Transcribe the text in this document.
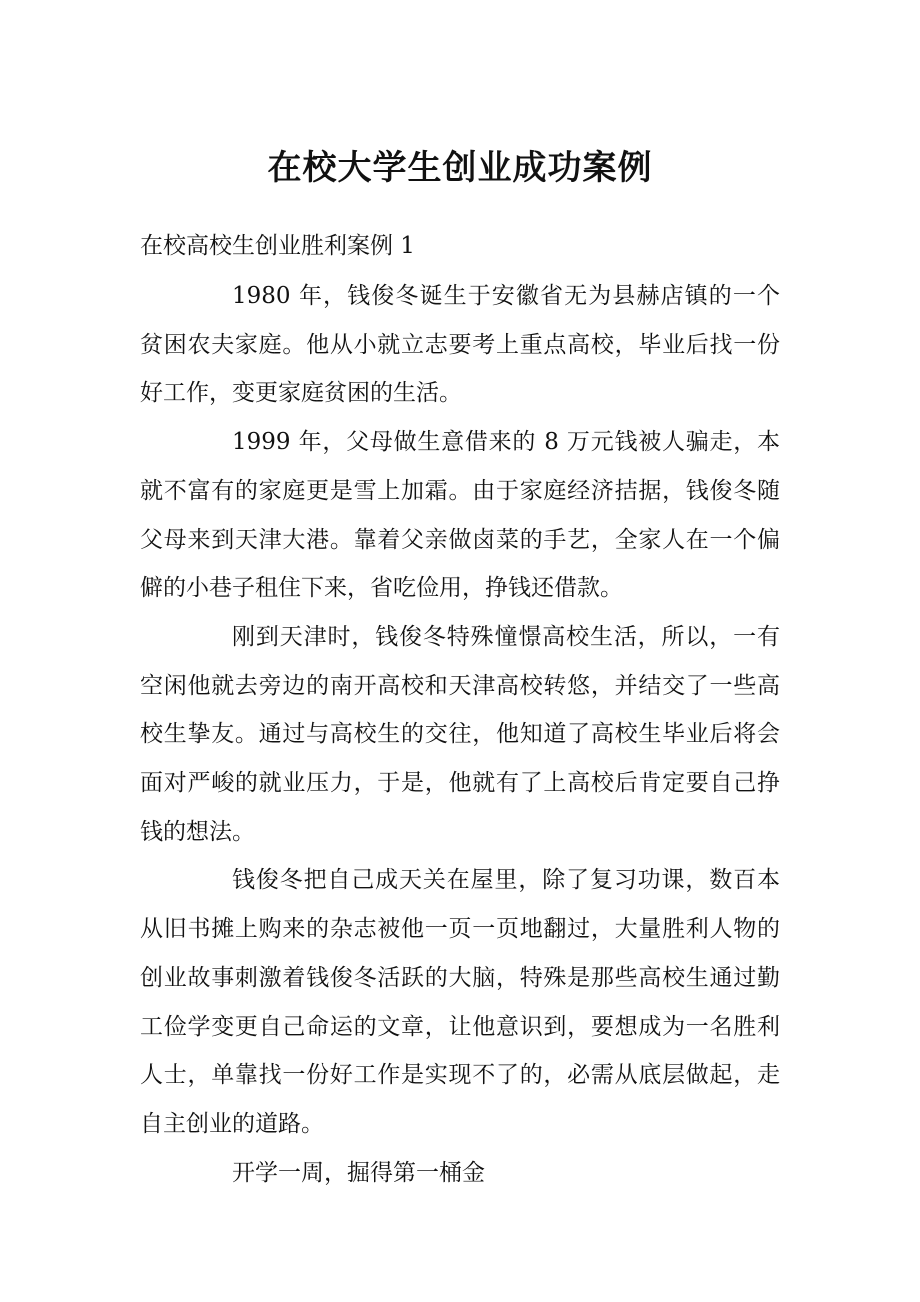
在校大学生创业成功案例
在校高校生创业胜利案例 1

1980 年，钱俊冬诞生于安徽省无为县赫店镇的一个贫困农夫家庭。他从小就立志要考上重点高校，毕业后找一份好工作，变更家庭贫困的生活。

1999 年，父母做生意借来的 8 万元钱被人骗走，本就不富有的家庭更是雪上加霜。由于家庭经济拮据，钱俊冬随父母来到天津大港。靠着父亲做卤菜的手艺，全家人在一个偏僻的小巷子租住下来，省吃俭用，挣钱还借款。

刚到天津时，钱俊冬特殊憧憬高校生活，所以，一有空闲他就去旁边的南开高校和天津高校转悠，并结交了一些高校生挚友。通过与高校生的交往，他知道了高校生毕业后将会面对严峻的就业压力，于是，他就有了上高校后肯定要自己挣钱的想法。

钱俊冬把自己成天关在屋里，除了复习功课，数百本从旧书摊上购来的杂志被他一页一页地翻过，大量胜利人物的创业故事刺激着钱俊冬活跃的大脑，特殊是那些高校生通过勤工俭学变更自己命运的文章，让他意识到，要想成为一名胜利人士，单靠找一份好工作是实现不了的，必需从底层做起，走自主创业的道路。

开学一周，掘得第一桶金
